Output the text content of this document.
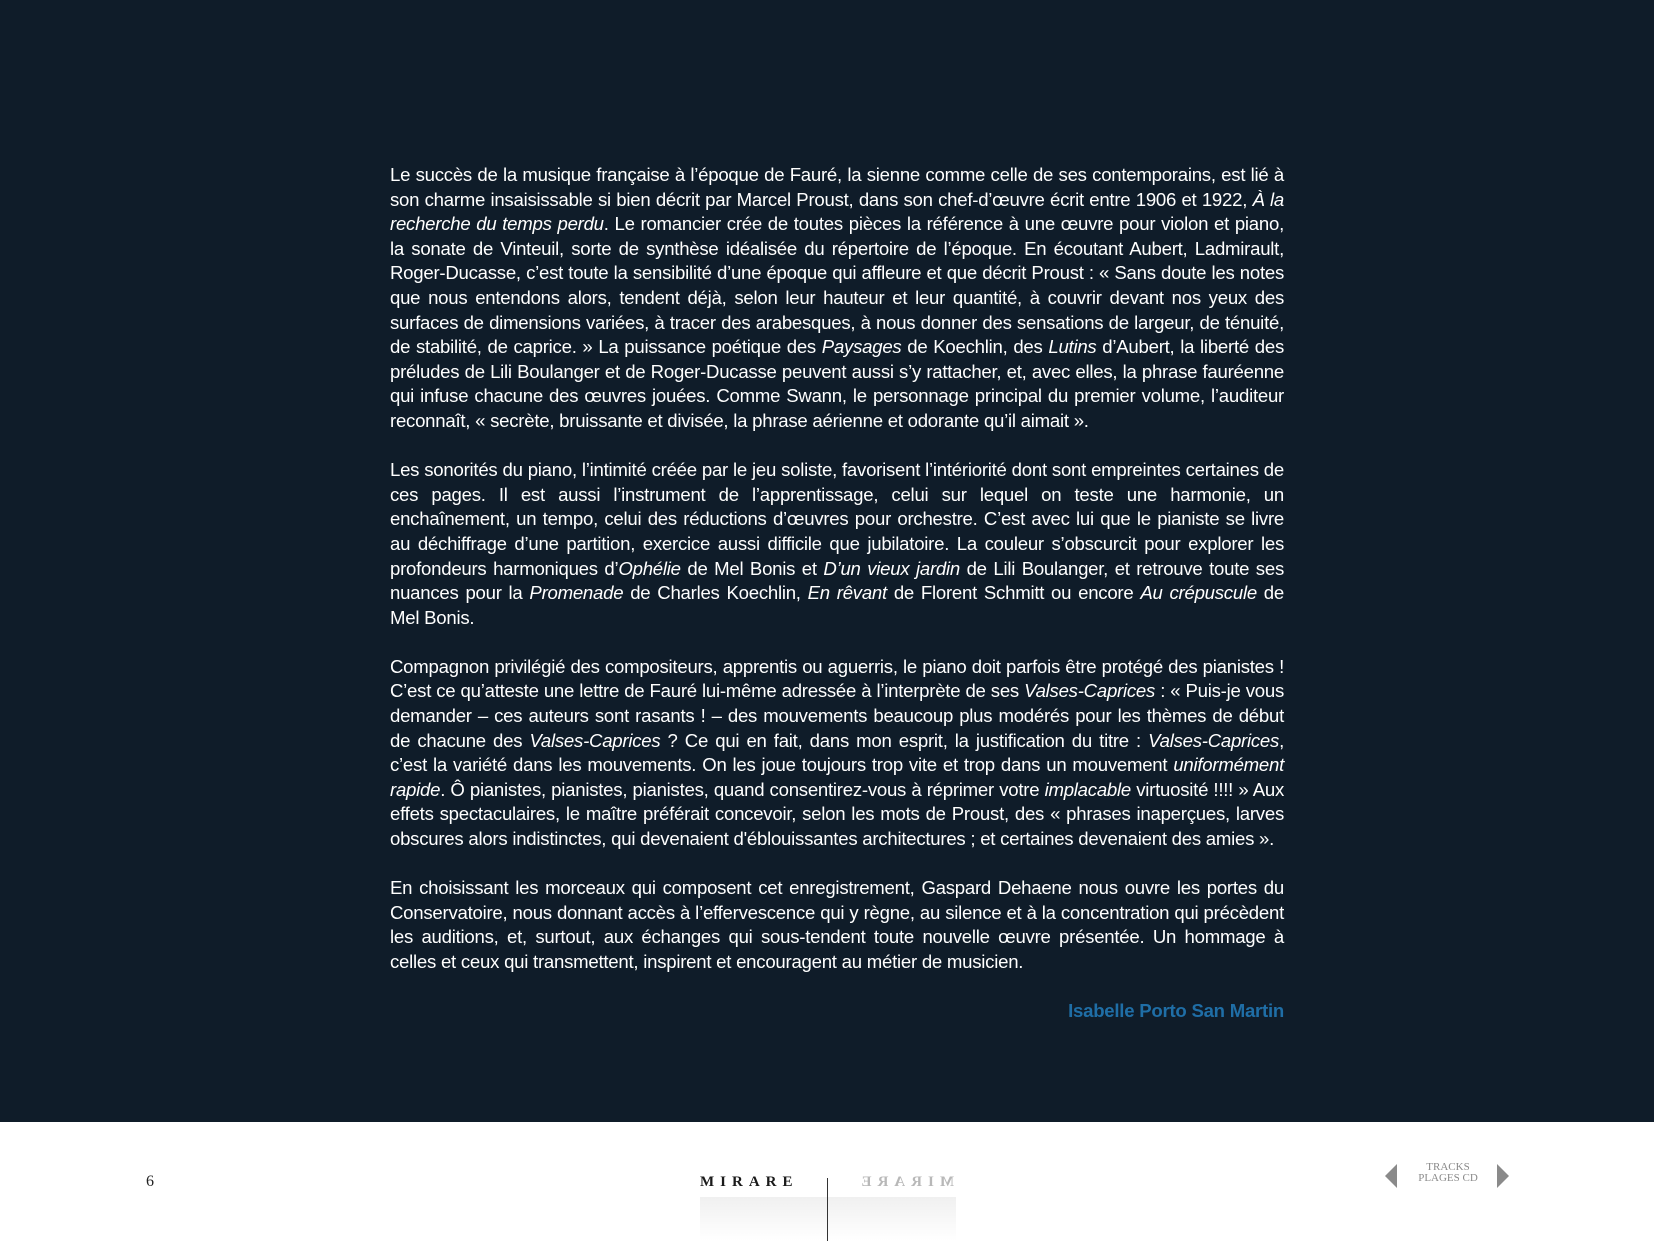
Le succès de la musique française à l’époque de Fauré, la sienne comme celle de ses contemporains, est lié à son charme insaisissable si bien décrit par Marcel Proust, dans son chef-d’œuvre écrit entre 1906 et 1922, À la recherche du temps perdu. Le romancier crée de toutes pièces la référence à une œuvre pour violon et piano, la sonate de Vinteuil, sorte de synthèse idéalisée du répertoire de l’époque. En écoutant Aubert, Ladmirault, Roger-Ducasse, c’est toute la sensibilité d’une époque qui affleure et que décrit Proust : « Sans doute les notes que nous entendons alors, tendent déjà, selon leur hauteur et leur quantité, à couvrir devant nos yeux des surfaces de dimensions variées, à tracer des arabesques, à nous donner des sensations de largeur, de ténuité, de stabilité, de caprice. » La puissance poétique des Paysages de Koechlin, des Lutins d’Aubert, la liberté des préludes de Lili Boulanger et de Roger-Ducasse peuvent aussi s’y rattacher, et, avec elles, la phrase fauréenne qui infuse chacune des œuvres jouées. Comme Swann, le personnage principal du premier volume, l’auditeur reconnaît, « secrète, bruissante et divisée, la phrase aérienne et odorante qu’il aimait ».

Les sonorités du piano, l’intimité créée par le jeu soliste, favorisent l’intériorité dont sont empreintes certaines de ces pages. Il est aussi l’instrument de l’apprentissage, celui sur lequel on teste une harmonie, un enchaînement, un tempo, celui des réductions d’œuvres pour orchestre. C’est avec lui que le pianiste se livre au déchiffrage d’une partition, exercice aussi difficile que jubilatoire. La couleur s’obscurcit pour explorer les profondeurs harmoniques d’Ophélie de Mel Bonis et D’un vieux jardin de Lili Boulanger, et retrouve toute ses nuances pour la Promenade de Charles Koechlin, En rêvant de Florent Schmitt ou encore Au crépuscule de Mel Bonis.

Compagnon privilégié des compositeurs, apprentis ou aguerris, le piano doit parfois être protégé des pianistes ! C’est ce qu’atteste une lettre de Fauré lui-même adressée à l’interprète de ses Valses-Caprices : « Puis-je vous demander – ces auteurs sont rasants ! – des mouvements beaucoup plus modérés pour les thèmes de début de chacune des Valses-Caprices ? Ce qui en fait, dans mon esprit, la justification du titre : Valses-Caprices, c’est la variété dans les mouvements. On les joue toujours trop vite et trop dans un mouvement uniformément rapide. Ô pianistes, pianistes, pianistes, quand consentirez-vous à réprimer votre implacable virtuosité !!!! » Aux effets spectaculaires, le maître préférait concevoir, selon les mots de Proust, des « phrases inaperçues, larves obscures alors indistinctes, qui devenaient d'éblouissantes architectures ; et certaines devenaient des amies ».

En choisissant les morceaux qui composent cet enregistrement, Gaspard Dehaene nous ouvre les portes du Conservatoire, nous donnant accès à l’effervescence qui y règne, au silence et à la concentration qui précèdent les auditions, et, surtout, aux échanges qui sous-tendent toute nouvelle œuvre présentée. Un hommage à celles et ceux qui transmettent, inspirent et encouragent au métier de musicien.

Isabelle Porto San Martin
6	MIRARE	MIRARE
TRACKS
PLAGES CD
